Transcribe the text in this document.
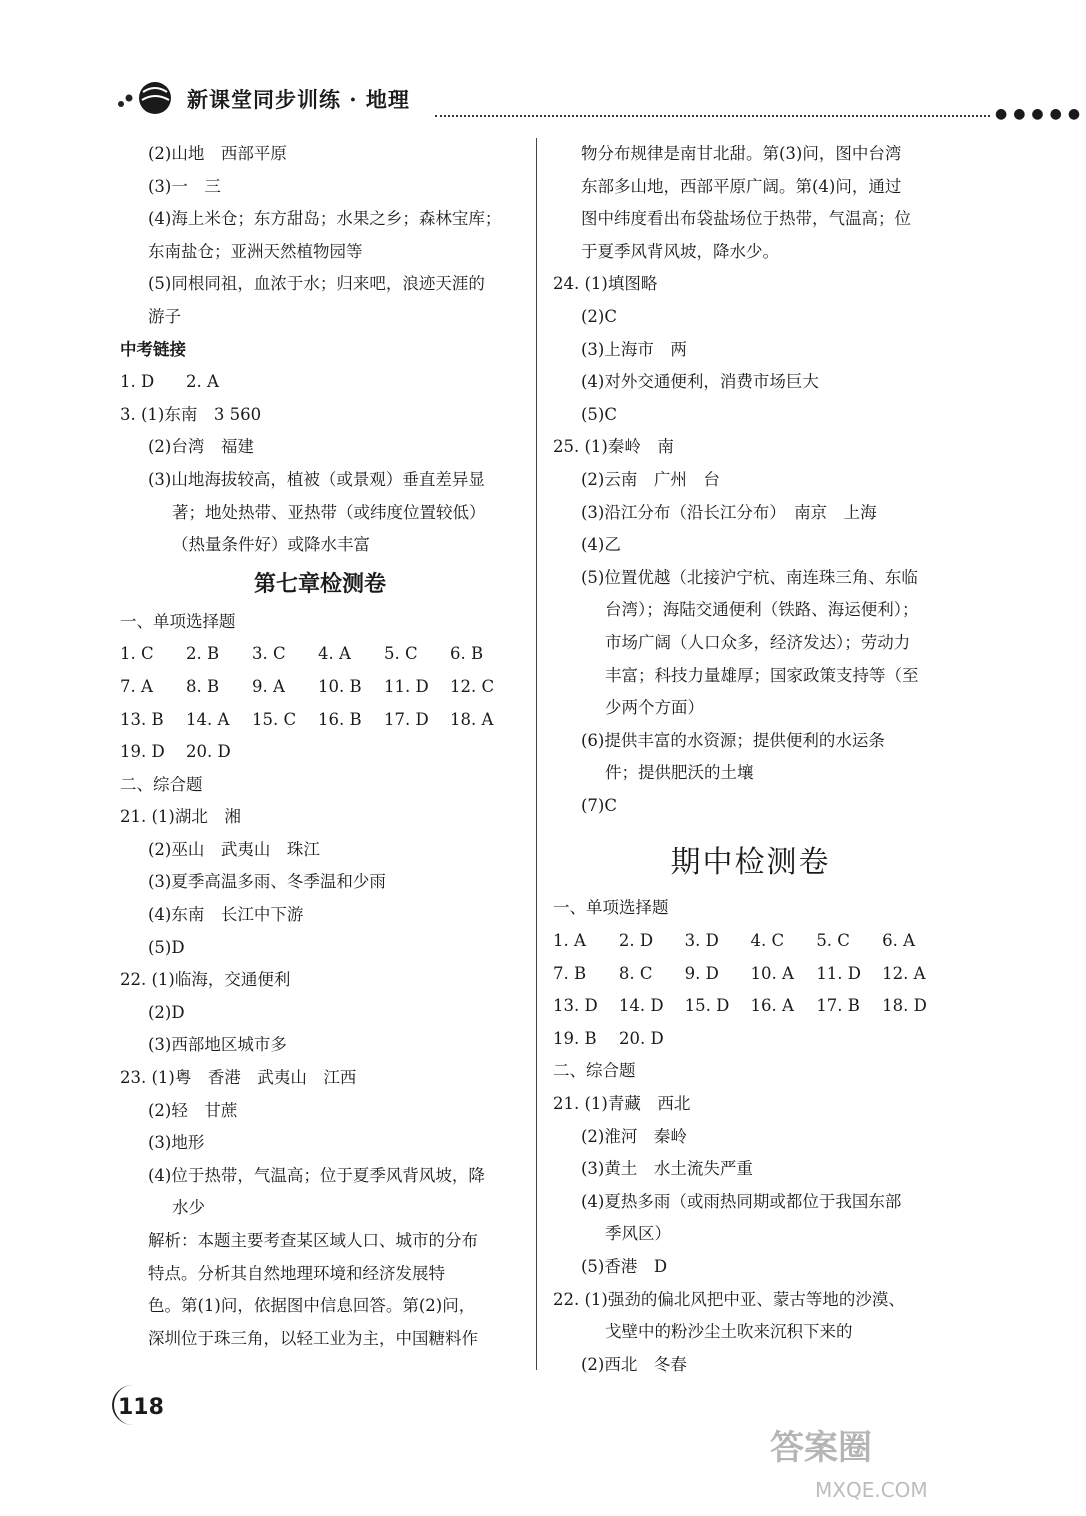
新课堂同步训练 · 地理
●●●●●
(2)山地　西部平原
(3)一　三
(4)海上米仓；东方甜岛；水果之乡；森林宝库；
东南盐仓；亚洲天然植物园等
(5)同根同祖，血浓于水；归来吧，浪迹天涯的
游子
中考链接
1. D	2. A
3. (1)东南　3 560
(2)台湾　福建
(3)山地海拔较高，植被（或景观）垂直差异显
著；地处热带、亚热带（或纬度位置较低）
（热量条件好）或降水丰富
第七章检测卷
一、单项选择题
1. C	2. B	3. C	4. A	5. C	6. B
7. A	8. B	9. A	10. B	11. D	12. C
13. B	14. A	15. C	16. B	17. D	18. A
19. D	20. D
二、综合题
21. (1)湖北　湘
(2)巫山　武夷山　珠江
(3)夏季高温多雨、冬季温和少雨
(4)东南　长江中下游
(5)D
22. (1)临海，交通便利
(2)D
(3)西部地区城市多
23. (1)粤　香港　武夷山　江西
(2)轻　甘蔗
(3)地形
(4)位于热带，气温高；位于夏季风背风坡，降
水少
解析：本题主要考查某区域人口、城市的分布
特点。分析其自然地理环境和经济发展特
色。第(1)问，依据图中信息回答。第(2)问，
深圳位于珠三角，以轻工业为主，中国糖料作
物分布规律是南甘北甜。第(3)问，图中台湾
东部多山地，西部平原广阔。第(4)问，通过
图中纬度看出布袋盐场位于热带，气温高；位
于夏季风背风坡，降水少。
24. (1)填图略
(2)C
(3)上海市　两
(4)对外交通便利，消费市场巨大
(5)C
25. (1)秦岭　南
(2)云南　广州　台
(3)沿江分布（沿长江分布）　南京　上海
(4)乙
(5)位置优越（北接沪宁杭、南连珠三角、东临
台湾）；海陆交通便利（铁路、海运便利）；
市场广阔（人口众多，经济发达）；劳动力
丰富；科技力量雄厚；国家政策支持等（至
少两个方面）
(6)提供丰富的水资源；提供便利的水运条
件；提供肥沃的土壤
(7)C
期中检测卷
一、单项选择题
1. A	2. D	3. D	4. C	5. C	6. A
7. B	8. C	9. D	10. A	11. D	12. A
13. D	14. D	15. D	16. A	17. B	18. D
19. B	20. D
二、综合题
21. (1)青藏　西北
(2)淮河　秦岭
(3)黄土　水土流失严重
(4)夏热多雨（或雨热同期或都位于我国东部
季风区）
(5)香港　D
22. (1)强劲的偏北风把中亚、蒙古等地的沙漠、
戈壁中的粉沙尘土吹来沉积下来的
(2)西北　冬春
118
答案圈
MXQE.COM
